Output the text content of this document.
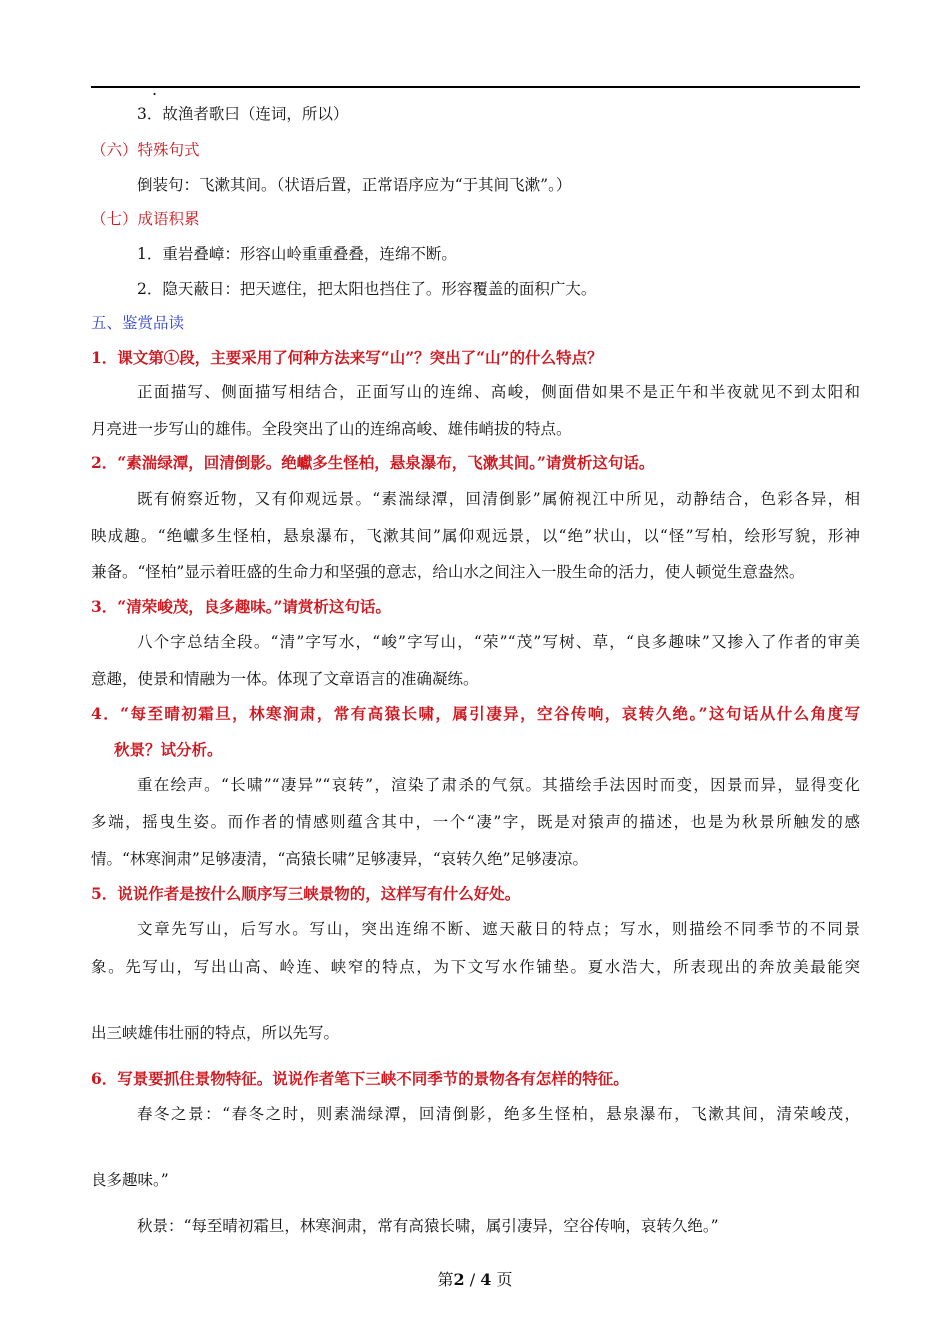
.
3．故渔者歌曰（连词，所以）
（六）特殊句式
倒装句：飞漱其间。（状语后置，正常语序应为“于其间飞漱”。）
（七）成语积累
1．重岩叠嶂：形容山岭重重叠叠，连绵不断。
2．隐天蔽日：把天遮住，把太阳也挡住了。形容覆盖的面积广大。
五、鉴赏品读
1．课文第①段，主要采用了何种方法来写“山”？突出了“山”的什么特点？
正面描写、侧面描写相结合，正面写山的连绵、高峻，侧面借如果不是正午和半夜就见不到太阳和
月亮进一步写山的雄伟。全段突出了山的连绵高峻、雄伟峭拔的特点。
2．“素湍绿潭，回清倒影。绝巘多生怪柏，悬泉瀑布，飞漱其间。”请赏析这句话。
既有俯察近物，又有仰观远景。“素湍绿潭，回清倒影”属俯视江中所见，动静结合，色彩各异，相
映成趣。“绝巘多生怪柏，悬泉瀑布，飞漱其间”属仰观远景，以“绝”状山，以“怪”写柏，绘形写貌，形神
兼备。“怪柏”显示着旺盛的生命力和坚强的意志，给山水之间注入一股生命的活力，使人顿觉生意盎然。
3．“清荣峻茂，良多趣味。”请赏析这句话。
八个字总结全段。“清”字写水，“峻”字写山，“荣”“茂”写树、草，“良多趣味”又掺入了作者的审美
意趣，使景和情融为一体。体现了文章语言的准确凝练。
4．“每至晴初霜旦，林寒涧肃，常有高猿长啸，属引凄异，空谷传响，哀转久绝。”这句话从什么角度写
秋景？试分析。
重在绘声。“长啸”“凄异”“哀转”，渲染了肃杀的气氛。其描绘手法因时而变，因景而异，显得变化
多端，摇曳生姿。而作者的情感则蕴含其中，一个“凄”字，既是对猿声的描述，也是为秋景所触发的感
情。“林寒涧肃”足够凄清，“高猿长啸”足够凄异，“哀转久绝”足够凄凉。
5．说说作者是按什么顺序写三峡景物的，这样写有什么好处。
文章先写山，后写水。写山，突出连绵不断、遮天蔽日的特点；写水，则描绘不同季节的不同景
象。先写山，写出山高、岭连、峡窄的特点，为下文写水作铺垫。夏水浩大，所表现出的奔放美最能突
出三峡雄伟壮丽的特点，所以先写。
6．写景要抓住景物特征。说说作者笔下三峡不同季节的景物各有怎样的特征。
春冬之景：“春冬之时，则素湍绿潭，回清倒影，绝多生怪柏，悬泉瀑布，飞漱其间，清荣峻茂，
良多趣味。”
秋景：“每至晴初霜旦，林寒涧肃，常有高猿长啸，属引凄异，空谷传响，哀转久绝。”
第2 / 4 页
